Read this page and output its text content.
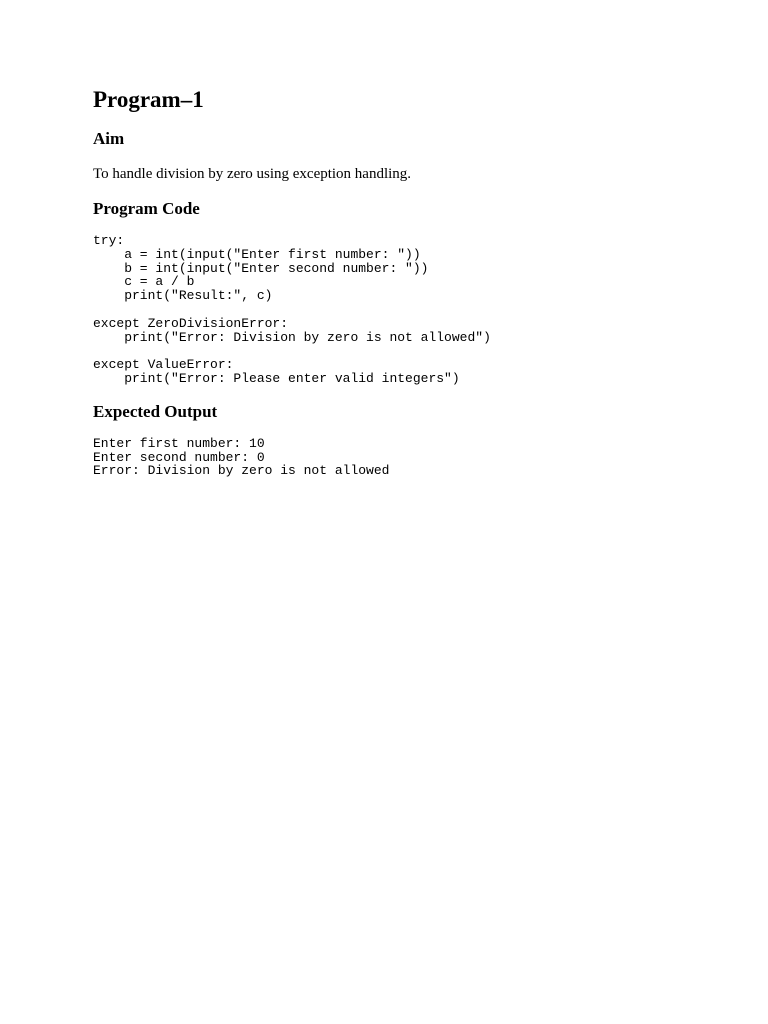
Program–1
Aim

To handle division by zero using exception handling.

Program Code
try:
a = int(input("Enter first number: "))
b = int(input("Enter second number: "))
c = a / b
print("Result:", c)

except ZeroDivisionError:
print("Error: Division by zero is not allowed")

except ValueError:
print("Error: Please enter valid integers")
Expected Output
Enter first number: 10
Enter second number: 0
Error: Division by zero is not allowed
